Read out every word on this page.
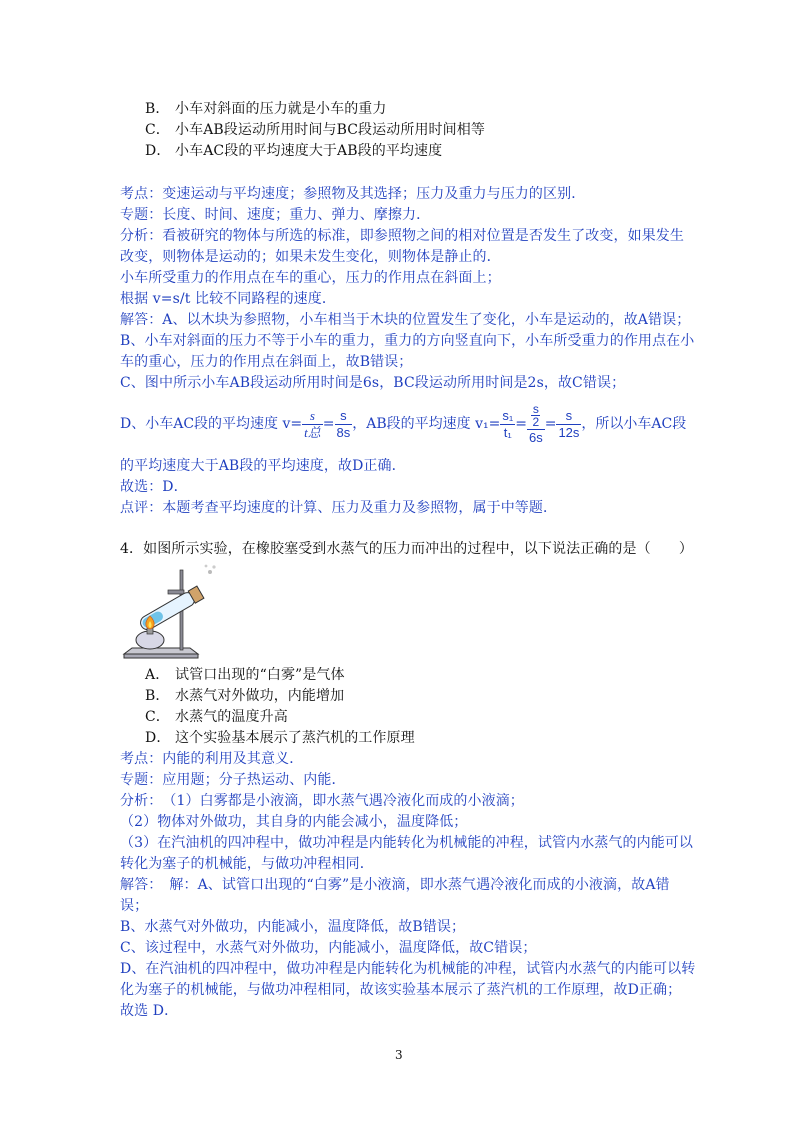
B． 小车对斜面的压力就是小车的重力
C． 小车AB段运动所用时间与BC段运动所用时间相等
D． 小车AC段的平均速度大于AB段的平均速度
考点：变速运动与平均速度；参照物及其选择；压力及重力与压力的区别．
专题：长度、时间、速度；重力、弹力、摩擦力．
分析：看被研究的物体与所选的标准，即参照物之间的相对位置是否发生了改变，如果发生
改变，则物体是运动的；如果未发生变化，则物体是静止的．
小车所受重力的作用点在车的重心，压力的作用点在斜面上；
根据 v=s/t 比较不同路程的速度．
解答：A、以木块为参照物，小车相当于木块的位置发生了变化，小车是运动的，故A错误；
B、小车对斜面的压力不等于小车的重力，重力的方向竖直向下，小车所受重力的作用点在小
车的重心，压力的作用点在斜面上，故B错误；
C、图中所示小车AB段运动所用时间是6s，BC段运动所用时间是2s，故C错误；
D、小车AC段的平均速度 $v= \frac{s}{\text{t总}} = \frac{s}{8s}$ ，AB段的平均速度 $v_1= \frac{\text{s₁}}{\text{t₁}} = \frac{\frac{s}{2}}{6s} = \frac{s}{12s}$ ，所以小车AC段
的平均速度大于AB段的平均速度，故D正确．
故选：D．
点评：本题考查平均速度的计算、压力及重力及参照物，属于中等题．
4．如图所示实验，在橡胶塞受到水蒸气的压力而冲出的过程中，以下说法正确的是（　　）
A． 试管口出现的“白雾”是气体
B． 水蒸气对外做功，内能增加
C． 水蒸气的温度升高
D． 这个实验基本展示了蒸汽机的工作原理
考点：内能的利用及其意义．
专题：应用题；分子热运动、内能．
分析：　（1）白雾都是小液滴，即水蒸气遇冷液化而成的小液滴；
（2）物体对外做功，其自身的内能会减小，温度降低；
（3）在汽油机的四冲程中，做功冲程是内能转化为机械能的冲程，试管内水蒸气的内能可以
转化为塞子的机械能，与做功冲程相同．
解答：　解：A、试管口出现的“白雾”是小液滴，即水蒸气遇冷液化而成的小液滴，故A错
误；
B、水蒸气对外做功，内能减小，温度降低，故B错误；
C、该过程中，水蒸气对外做功，内能减小，温度降低，故C错误；
D、在汽油机的四冲程中，做功冲程是内能转化为机械能的冲程，试管内水蒸气的内能可以转
化为塞子的机械能，与做功冲程相同，故该实验基本展示了蒸汽机的工作原理，故D正确；
故选 D．
3
